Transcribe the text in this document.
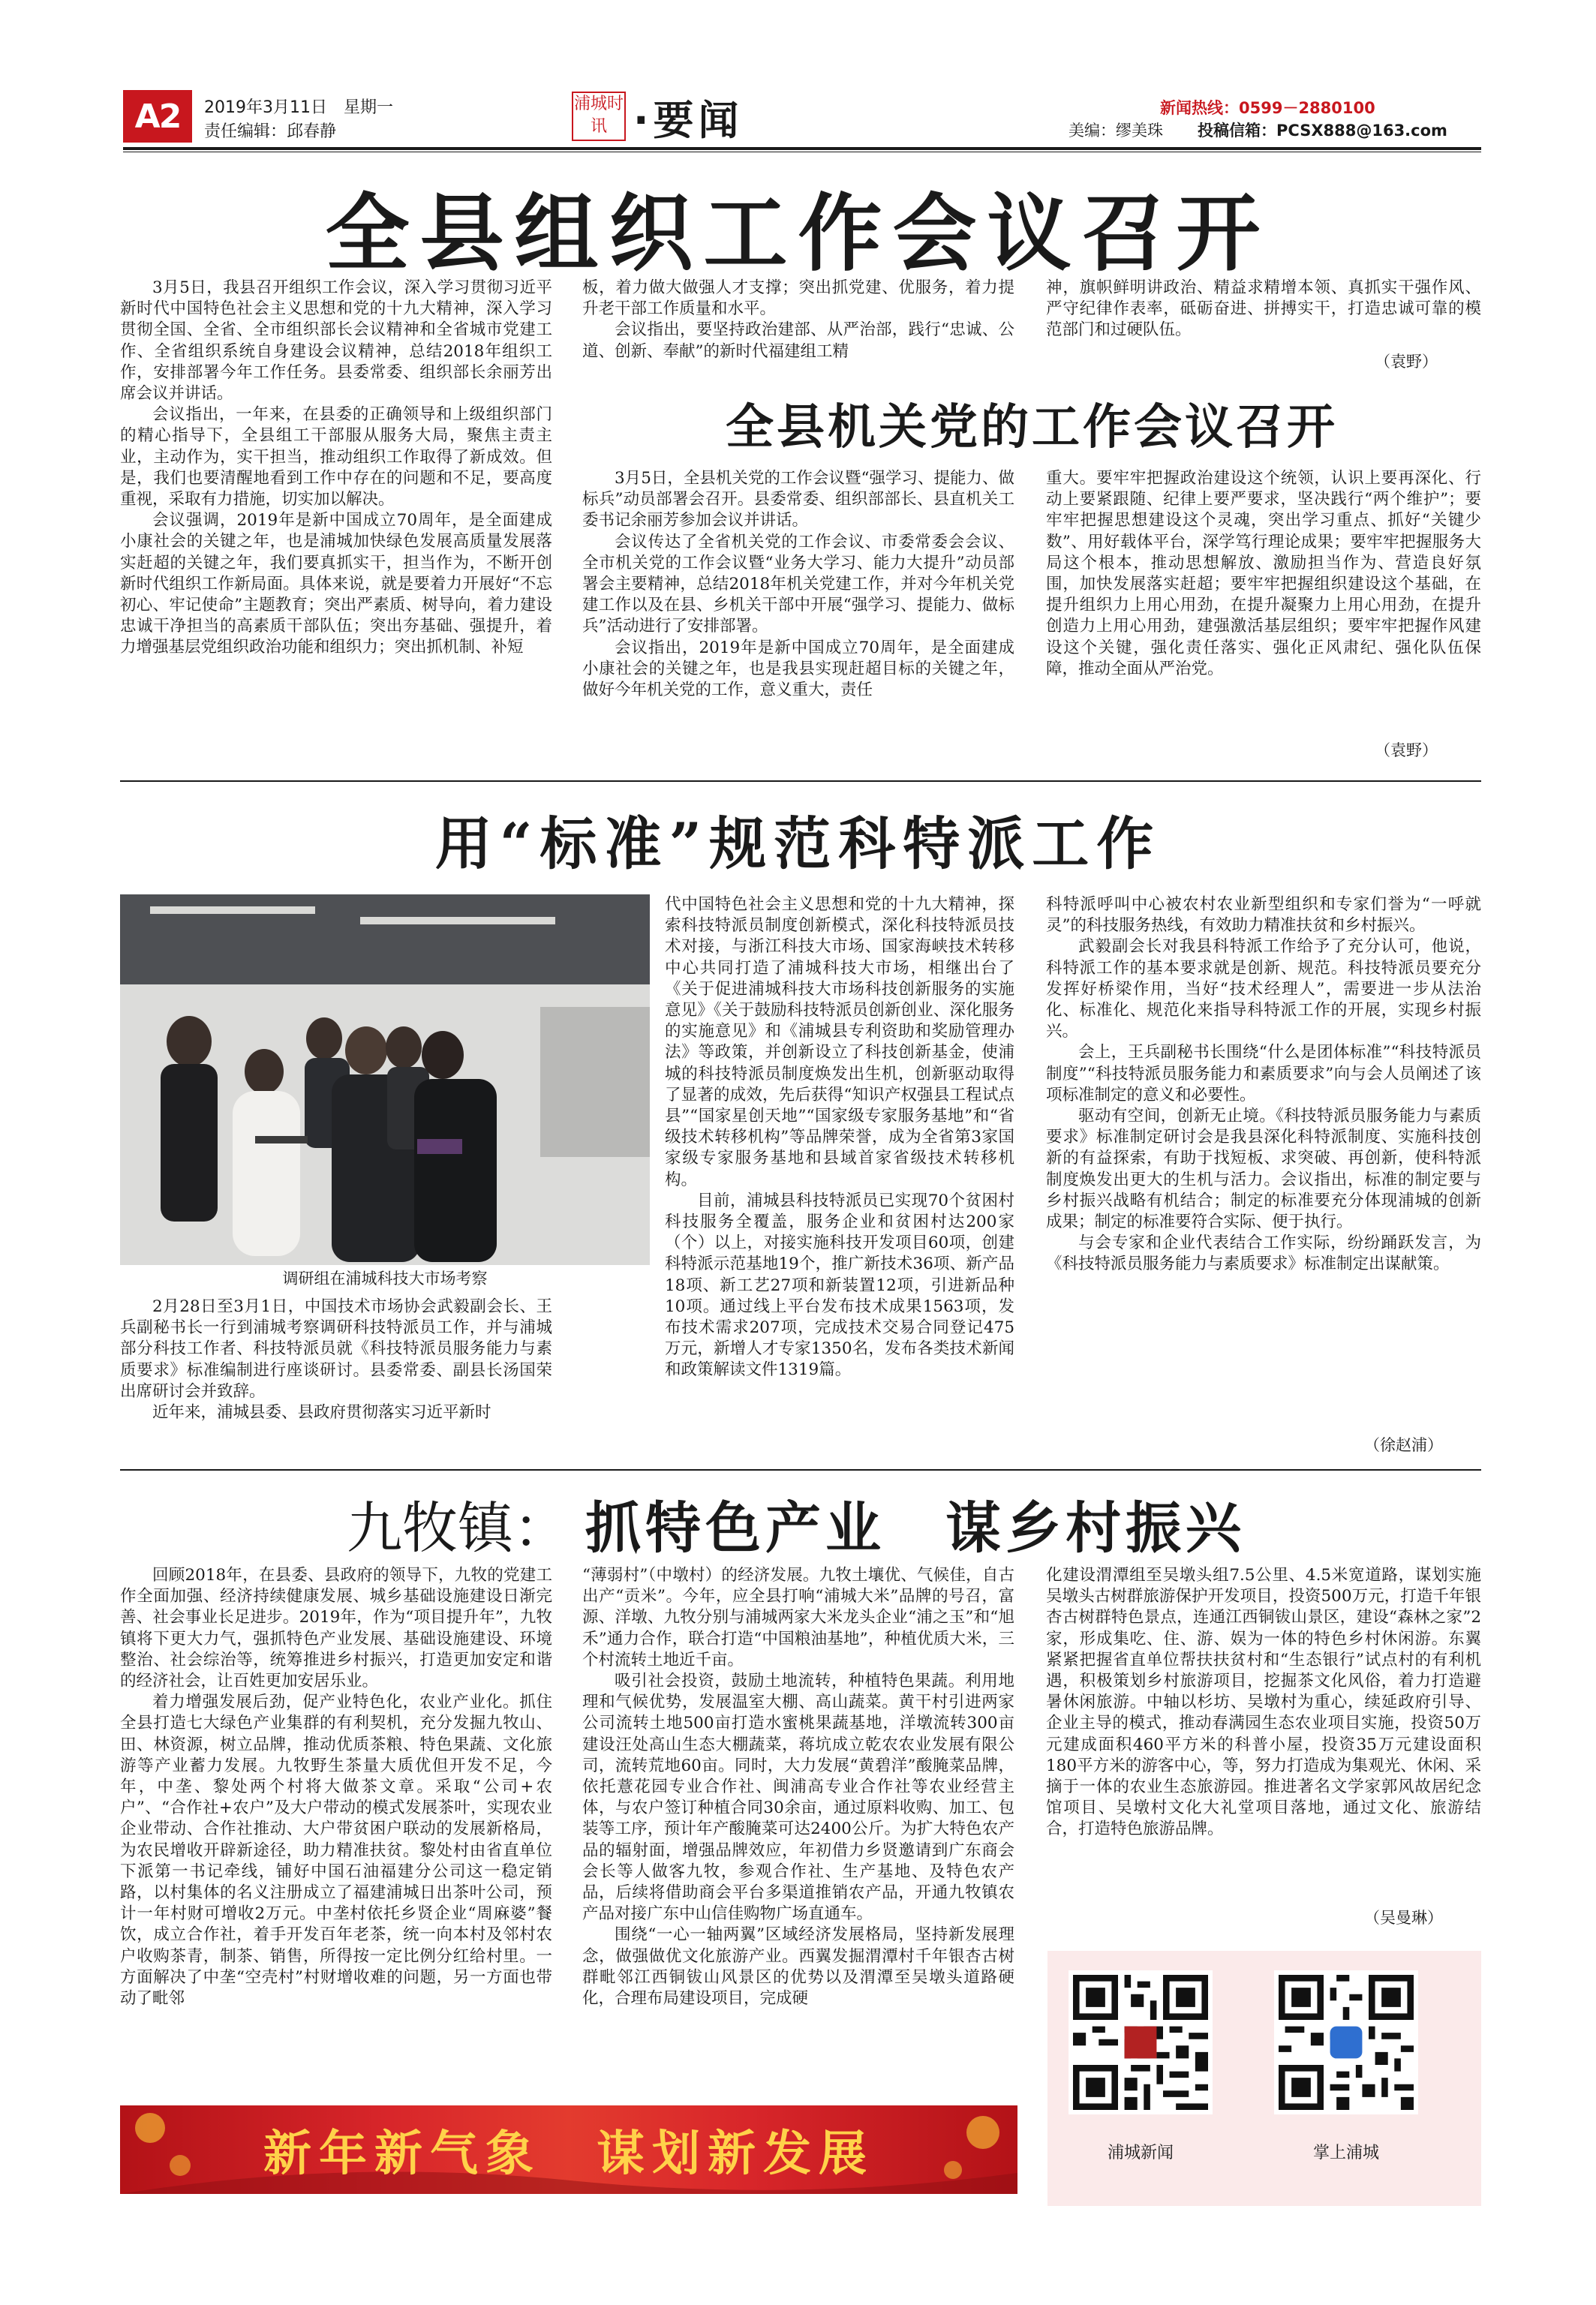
A2	2019年3月11日　星期一
责任编辑：邱春静
浦城时讯 ·要闻	新闻热线：0599－2880100
美编：缪美珠 投稿信箱：PCSX888@163.com
全县组织工作会议召开

3月5日，我县召开组织工作会议，深入学习贯彻习近平新时代中国特色社会主义思想和党的十九大精神，深入学习贯彻全国、全省、全市组织部长会议精神和全省城市党建工作、全省组织系统自身建设会议精神，总结2018年组织工作，安排部署今年工作任务。县委常委、组织部长余丽芳出席会议并讲话。

会议指出，一年来，在县委的正确领导和上级组织部门的精心指导下，全县组工干部服从服务大局，聚焦主责主业，主动作为，实干担当，推动组织工作取得了新成效。但是，我们也要清醒地看到工作中存在的问题和不足，要高度重视，采取有力措施，切实加以解决。

会议强调，2019年是新中国成立70周年，是全面建成小康社会的关键之年，也是浦城加快绿色发展高质量发展落实赶超的关键之年，我们要真抓实干，担当作为，不断开创新时代组织工作新局面。具体来说，就是要着力开展好“不忘初心、牢记使命”主题教育；突出严素质、树导向，着力建设忠诚干净担当的高素质干部队伍；突出夯基础、强提升，着力增强基层党组织政治功能和组织力；突出抓机制、补短

板，着力做大做强人才支撑；突出抓党建、优服务，着力提升老干部工作质量和水平。

会议指出，要坚持政治建部、从严治部，践行“忠诚、公道、创新、奉献”的新时代福建组工精

神，旗帜鲜明讲政治、精益求精增本领、真抓实干强作风、严守纪律作表率，砥砺奋进、拼搏实干，打造忠诚可靠的模范部门和过硬队伍。

（袁野）
全县机关党的工作会议召开

3月5日，全县机关党的工作会议暨“强学习、提能力、做标兵”动员部署会召开。县委常委、组织部部长、县直机关工委书记余丽芳参加会议并讲话。

会议传达了全省机关党的工作会议、市委常委会会议、全市机关党的工作会议暨“业务大学习、能力大提升”动员部署会主要精神，总结2018年机关党建工作，并对今年机关党建工作以及在县、乡机关干部中开展“强学习、提能力、做标兵”活动进行了安排部署。

会议指出，2019年是新中国成立70周年，是全面建成小康社会的关键之年，也是我县实现赶超目标的关键之年，做好今年机关党的工作，意义重大，责任

重大。要牢牢把握政治建设这个统领，认识上要再深化、行动上要紧跟随、纪律上要严要求，坚决践行“两个维护”；要牢牢把握思想建设这个灵魂，突出学习重点、抓好“关键少数”、用好载体平台，深学笃行理论成果；要牢牢把握服务大局这个根本，推动思想解放、激励担当作为、营造良好氛围，加快发展落实赶超；要牢牢把握组织建设这个基础，在提升组织力上用心用劲，在提升凝聚力上用心用劲，在提升创造力上用心用劲，建强激活基层组织；要牢牢把握作风建设这个关键，强化责任落实、强化正风肃纪、强化队伍保障，推动全面从严治党。

（袁野）
用“标准”规范科特派工作
调研组在浦城科技大市场考察

2月28日至3月1日，中国技术市场协会武毅副会长、王兵副秘书长一行到浦城考察调研科技特派员工作，并与浦城部分科技工作者、科技特派员就《科技特派员服务能力与素质要求》标准编制进行座谈研讨。县委常委、副县长汤国荣出席研讨会并致辞。

近年来，浦城县委、县政府贯彻落实习近平新时

代中国特色社会主义思想和党的十九大精神，探索科技特派员制度创新模式，深化科技特派员技术对接，与浙江科技大市场、国家海峡技术转移中心共同打造了浦城科技大市场，相继出台了《关于促进浦城科技大市场科技创新服务的实施意见》《关于鼓励科技特派员创新创业、深化服务的实施意见》和《浦城县专利资助和奖励管理办法》等政策，并创新设立了科技创新基金，使浦城的科技特派员制度焕发出生机，创新驱动取得了显著的成效，先后获得“知识产权强县工程试点县”“国家星创天地”“国家级专家服务基地”和“省级技术转移机构”等品牌荣誉，成为全省第3家国家级专家服务基地和县域首家省级技术转移机构。

目前，浦城县科技特派员已实现70个贫困村科技服务全覆盖，服务企业和贫困村达200家（个）以上，对接实施科技开发项目60项，创建科特派示范基地19个，推广新技术36项、新产品18项、新工艺27项和新装置12项，引进新品种10项。通过线上平台发布技术成果1563项，发布技术需求207项，完成技术交易合同登记475万元，新增人才专家1350名，发布各类技术新闻和政策解读文件1319篇。

科特派呼叫中心被农村农业新型组织和专家们誉为“一呼就灵”的科技服务热线，有效助力精准扶贫和乡村振兴。

武毅副会长对我县科特派工作给予了充分认可，他说，科特派工作的基本要求就是创新、规范。科技特派员要充分发挥好桥梁作用，当好“技术经理人”，需要进一步从法治化、标准化、规范化来指导科特派工作的开展，实现乡村振兴。

会上，王兵副秘书长围绕“什么是团体标准”“科技特派员制度”“科技特派员服务能力和素质要求”向与会人员阐述了该项标准制定的意义和必要性。

驱动有空间，创新无止境。《科技特派员服务能力与素质要求》标准制定研讨会是我县深化科特派制度、实施科技创新的有益探索，有助于找短板、求突破、再创新，使科特派制度焕发出更大的生机与活力。会议指出，标准的制定要与乡村振兴战略有机结合；制定的标准要充分体现浦城的创新成果；制定的标准要符合实际、便于执行。

与会专家和企业代表结合工作实际，纷纷踊跃发言，为《科技特派员服务能力与素质要求》标准制定出谋献策。

（徐赵浦）
九牧镇： 抓特色产业　谋乡村振兴

回顾2018年，在县委、县政府的领导下，九牧的党建工作全面加强、经济持续健康发展、城乡基础设施建设日渐完善、社会事业长足进步。2019年，作为“项目提升年”，九牧镇将下更大力气，强抓特色产业发展、基础设施建设、环境整治、社会综治等，统筹推进乡村振兴，打造更加安定和谐的经济社会，让百姓更加安居乐业。

着力增强发展后劲，促产业特色化，农业产业化。抓住全县打造七大绿色产业集群的有利契机，充分发掘九牧山、田、林资源，树立品牌，推动优质茶粮、特色果蔬、文化旅游等产业蓄力发展。九牧野生茶量大质优但开发不足，今年，中垄、黎处两个村将大做茶文章。采取“公司+农户”、“合作社+农户”及大户带动的模式发展茶叶，实现农业企业带动、合作社推动、大户带贫困户联动的发展新格局，为农民增收开辟新途径，助力精准扶贫。黎处村由省直单位下派第一书记牵线，铺好中国石油福建分公司这一稳定销路，以村集体的名义注册成立了福建浦城日出茶叶公司，预计一年村财可增收2万元。中垄村依托乡贤企业“周麻婆”餐饮，成立合作社，着手开发百年老茶，统一向本村及邻村农户收购茶青，制茶、销售，所得按一定比例分红给村里。一方面解决了中垄“空壳村”村财增收难的问题，另一方面也带动了毗邻

“薄弱村”（中墩村）的经济发展。九牧土壤优、气候佳，自古出产“贡米”。今年，应全县打响“浦城大米”品牌的号召，富源、洋墩、九牧分别与浦城两家大米龙头企业“浦之玉”和“旭禾”通力合作，联合打造“中国粮油基地”，种植优质大米，三个村流转土地近千亩。

吸引社会投资，鼓励土地流转，种植特色果蔬。利用地理和气候优势，发展温室大棚、高山蔬菜。黄干村引进两家公司流转土地500亩打造水蜜桃果蔬基地，洋墩流转300亩建设汪处高山生态大棚蔬菜，蒋坑成立乾农农业发展有限公司，流转荒地60亩。同时，大力发展“黄碧洋”酸腌菜品牌，依托薏花园专业合作社、闽浦高专业合作社等农业经营主体，与农户签订种植合同30余亩，通过原料收购、加工、包装等工序，预计年产酸腌菜可达2400公斤。为扩大特色农产品的辐射面，增强品牌效应，年初借力乡贤邀请到广东商会会长等人做客九牧，参观合作社、生产基地、及特色农产品，后续将借助商会平台多渠道推销农产品，开通九牧镇农产品对接广东中山信佳购物广场直通车。

围绕“一心一轴两翼”区域经济发展格局，坚持新发展理念，做强做优文化旅游产业。西翼发掘渭潭村千年银杏古树群毗邻江西铜钹山风景区的优势以及渭潭至吴墩头道路硬化，合理布局建设项目，完成硬

化建设渭潭组至吴墩头组7.5公里、4.5米宽道路，谋划实施吴墩头古树群旅游保护开发项目，投资500万元，打造千年银杏古树群特色景点，连通江西铜钹山景区，建设“森林之家”2家，形成集吃、住、游、娱为一体的特色乡村休闲游。东翼紧紧把握省直单位帮扶扶贫村和“生态银行”试点村的有利机遇，积极策划乡村旅游项目，挖掘茶文化风俗，着力打造避暑休闲旅游。中轴以杉坊、吴墩村为重心，续延政府引导、企业主导的模式，推动春满园生态农业项目实施，投资50万元建成面积460平方米的科普小屋，投资35万元建设面积180平方米的游客中心，等，努力打造成为集观光、休闲、采摘于一体的农业生态旅游园。推进著名文学家郭风故居纪念馆项目、吴墩村文化大礼堂项目落地，通过文化、旅游结合，打造特色旅游品牌。

（吴曼琳）
浦城新闻	掌上浦城
新年新气象　谋划新发展
